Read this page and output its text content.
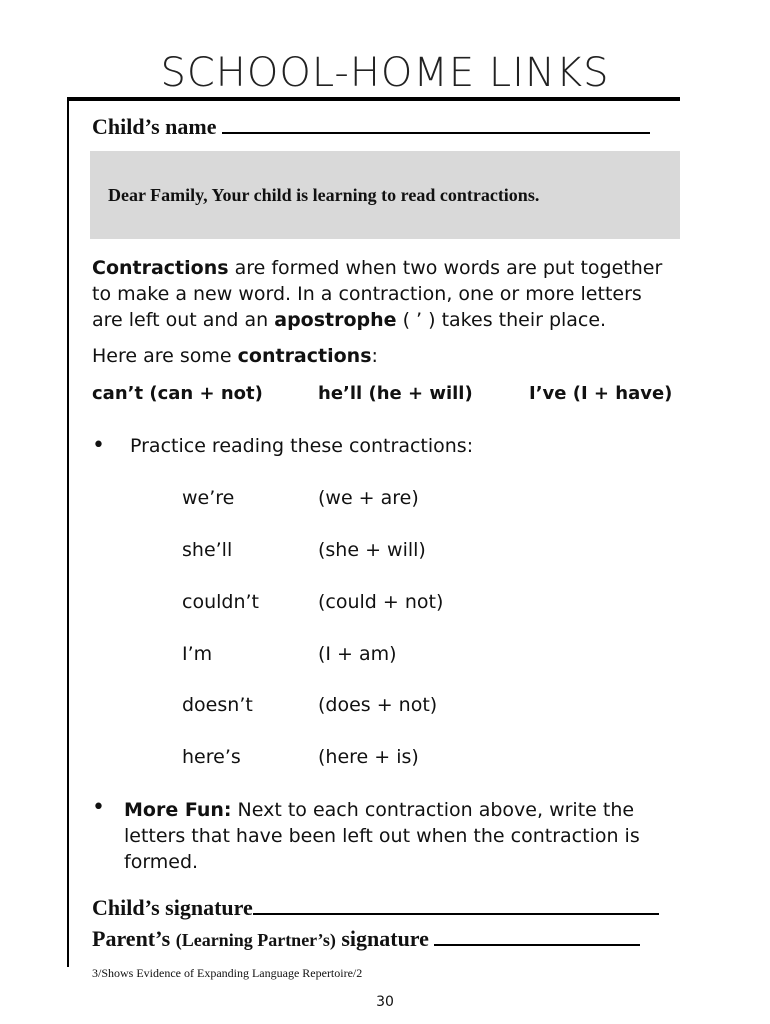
SCHOOL-HOME LINKS
Child’s name

Dear Family, Your child is learning to read contractions.

Contractions are formed when two words are put together to make a new word. In a contraction, one or more letters are left out and an apostrophe ( ’ ) takes their place.
Here are some contractions:
can’t (can + not)	he’ll (he + will)	I’ve (I + have)
• Practice reading these contractions:
we’re	(we + are)
she’ll	(she + will)
couldn’t	(could + not)
I’m	(I + am)
doesn’t	(does + not)
here’s	(here + is)
• More Fun: Next to each contraction above, write the letters that have been left out when the contraction is formed.
Child’s signature
Parent’s (Learning Partner’s) signature
3/Shows Evidence of Expanding Language Repertoire/2
30
